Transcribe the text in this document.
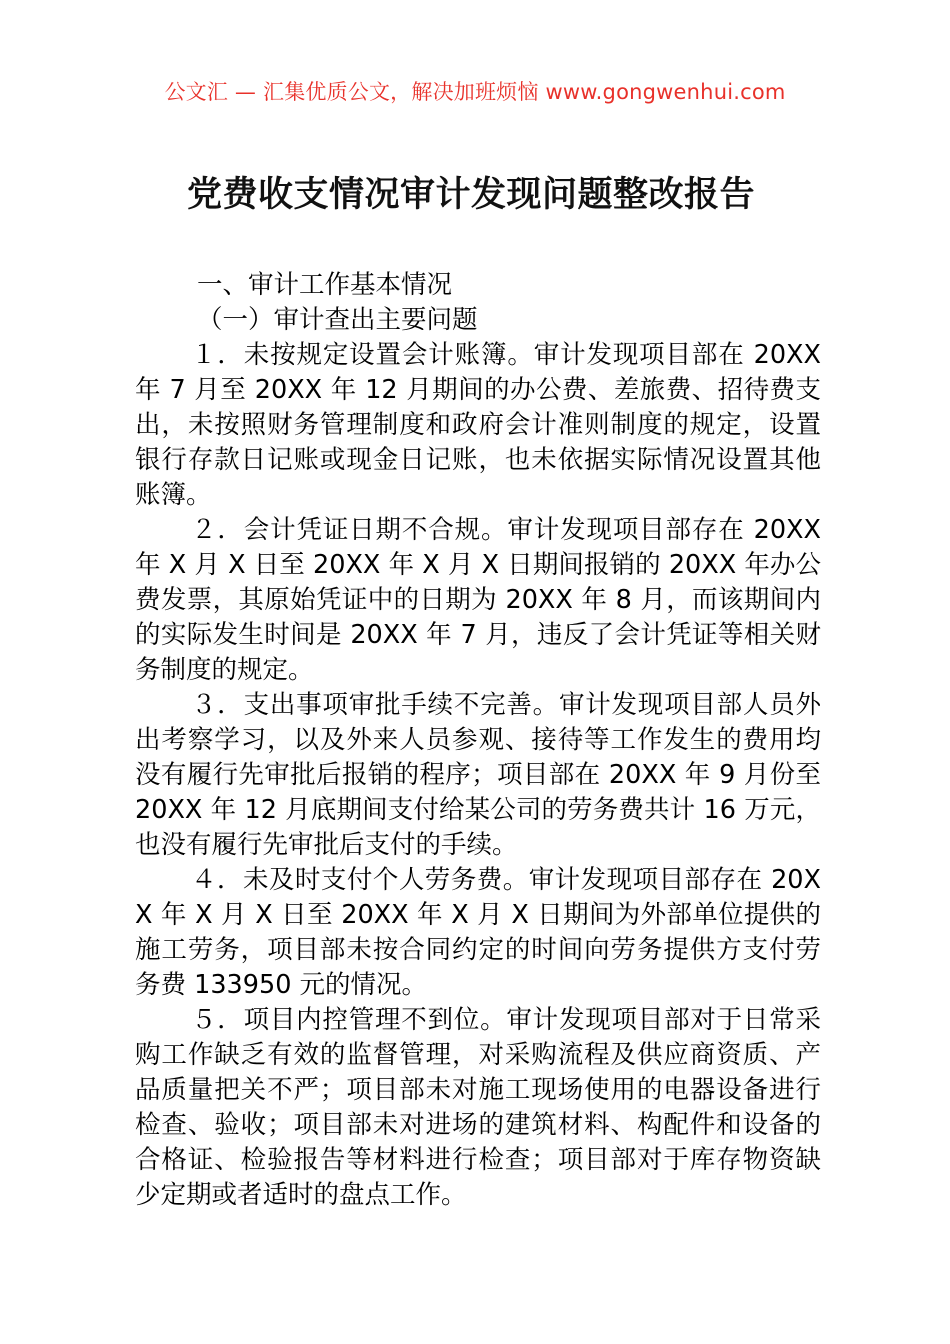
公文汇 — 汇集优质公文，解决加班烦恼 www.gongwenhui.com
党费收支情况审计发现问题整改报告

一、审计工作基本情况

（一）审计查出主要问题

１．未按规定设置会计账簿。审计发现项目部在 20XX 年 7 月至 20XX 年 12 月期间的办公费、差旅费、招待费支出，未按照财务管理制度和政府会计准则制度的规定，设置银行存款日记账或现金日记账，也未依据实际情况设置其他账簿。

２．会计凭证日期不合规。审计发现项目部存在 20XX 年 X 月 X 日至 20XX 年 X 月 X 日期间报销的 20XX 年办公费发票，其原始凭证中的日期为 20XX 年 8 月，而该期间内的实际发生时间是 20XX 年 7 月，违反了会计凭证等相关财务制度的规定。

３．支出事项审批手续不完善。审计发现项目部人员外出考察学习，以及外来人员参观、接待等工作发生的费用均没有履行先审批后报销的程序；项目部在 20XX 年 9 月份至 20XX 年 12 月底期间支付给某公司的劳务费共计 16 万元，也没有履行先审批后支付的手续。

４．未及时支付个人劳务费。审计发现项目部存在 20XX 年 X 月 X 日至 20XX 年 X 月 X 日期间为外部单位提供的施工劳务，项目部未按合同约定的时间向劳务提供方支付劳务费 133950 元的情况。

５．项目内控管理不到位。审计发现项目部对于日常采购工作缺乏有效的监督管理，对采购流程及供应商资质、产品质量把关不严；项目部未对施工现场使用的电器设备进行检查、验收；项目部未对进场的建筑材料、构配件和设备的合格证、检验报告等材料进行检查；项目部对于库存物资缺少定期或者适时的盘点工作。
